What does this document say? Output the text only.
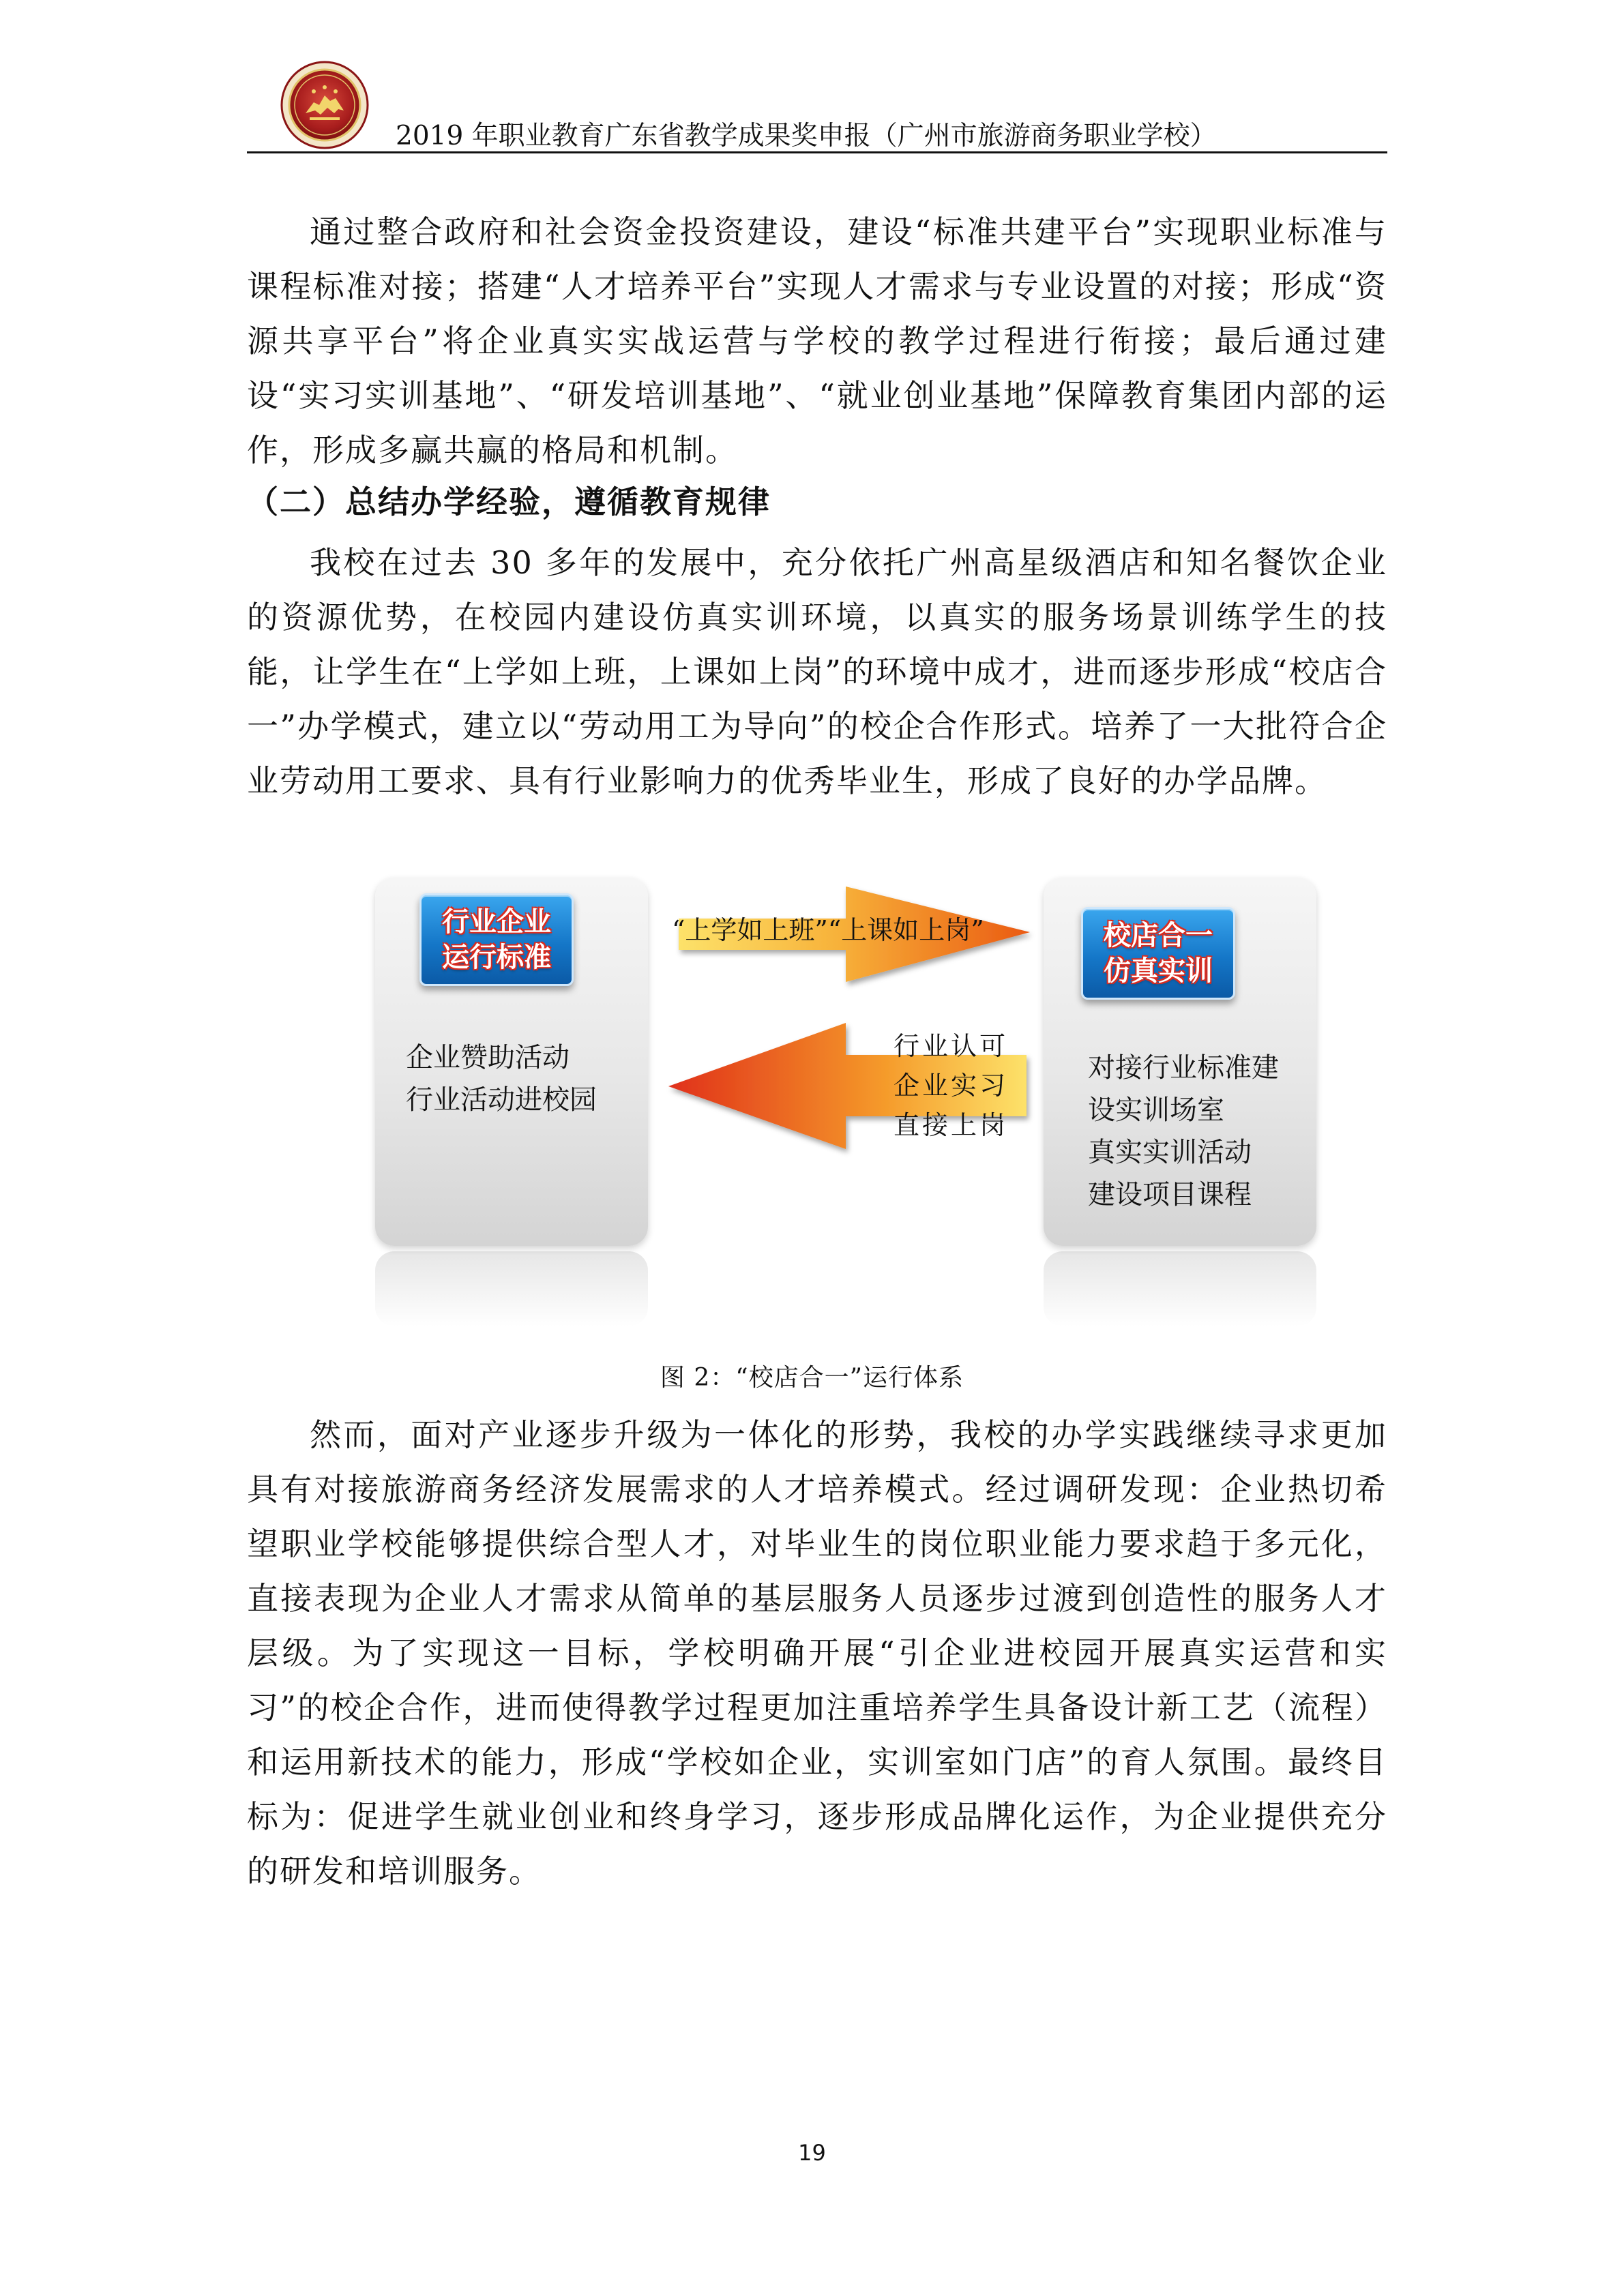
2019 年职业教育广东省教学成果奖申报（广州市旅游商务职业学校）

通过整合政府和社会资金投资建设，建设“标准共建平台”实现职业标准与课程标准对接；搭建“人才培养平台”实现人才需求与专业设置的对接；形成“资源共享平台”将企业真实实战运营与学校的教学过程进行衔接；最后通过建设“实习实训基地”、“研发培训基地”、“就业创业基地”保障教育集团内部的运作，形成多赢共赢的格局和机制。

（二）总结办学经验，遵循教育规律

我校在过去 30 多年的发展中，充分依托广州高星级酒店和知名餐饮企业的资源优势，在校园内建设仿真实训环境，以真实的服务场景训练学生的技能，让学生在“上学如上班，上课如上岗”的环境中成才，进而逐步形成“校店合一”办学模式，建立以“劳动用工为导向”的校企合作形式。培养了一大批符合企业劳动用工要求、具有行业影响力的优秀毕业生，形成了良好的办学品牌。

行业企业
运行标准
校店合一
仿真实训
企业赞助活动
行业活动进校园
对接行业标准建
设实训场室
真实实训活动
建设项目课程
“上学如上班”“上课如上岗”
行业认可
企业实习
直接上岗
图 2：“校店合一”运行体系

然而，面对产业逐步升级为一体化的形势，我校的办学实践继续寻求更加具有对接旅游商务经济发展需求的人才培养模式。经过调研发现：企业热切希望职业学校能够提供综合型人才，对毕业生的岗位职业能力要求趋于多元化，直接表现为企业人才需求从简单的基层服务人员逐步过渡到创造性的服务人才层级。为了实现这一目标，学校明确开展“引企业进校园开展真实运营和实习”的校企合作，进而使得教学过程更加注重培养学生具备设计新工艺（流程）和运用新技术的能力，形成“学校如企业，实训室如门店”的育人氛围。最终目标为：促进学生就业创业和终身学习，逐步形成品牌化运作，为企业提供充分的研发和培训服务。

19
